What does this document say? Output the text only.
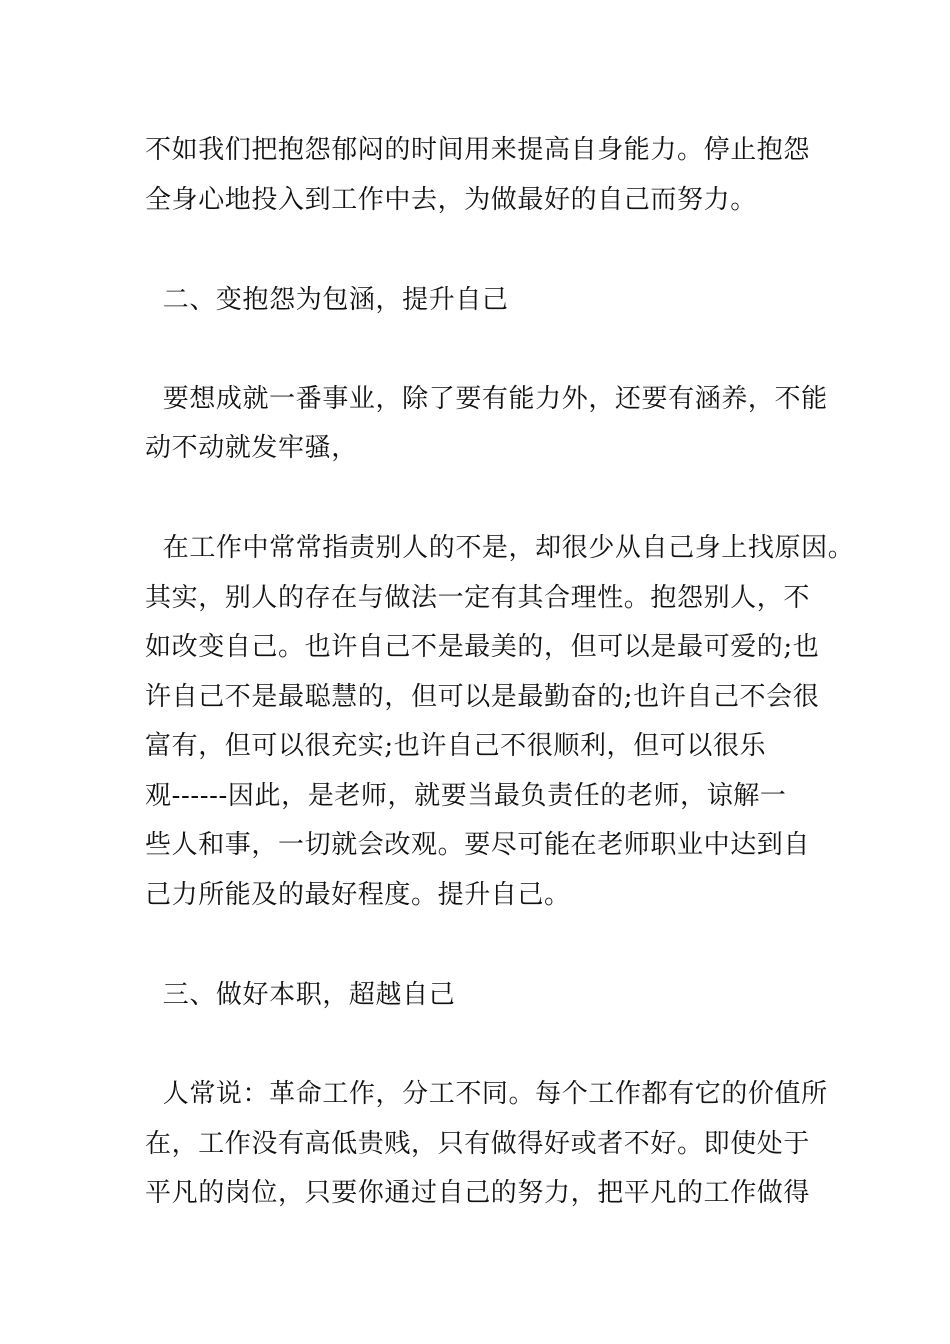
不如我们把抱怨郁闷的时间用来提高自身能力。停止抱怨

全身心地投入到工作中去，为做最好的自己而努力。

二、变抱怨为包涵，提升自己

要想成就一番事业，除了要有能力外，还要有涵养，不能

动不动就发牢骚，

在工作中常常指责别人的不是，却很少从自己身上找原因。

其实，别人的存在与做法一定有其合理性。抱怨别人，不

如改变自己。也许自己不是最美的，但可以是最可爱的;也

许自己不是最聪慧的，但可以是最勤奋的;也许自己不会很

富有，但可以很充实;也许自己不很顺利，但可以很乐

观------因此，是老师，就要当最负责任的老师，谅解一

些人和事，一切就会改观。要尽可能在老师职业中达到自

己力所能及的最好程度。提升自己。

三、做好本职，超越自己

人常说：革命工作，分工不同。每个工作都有它的价值所

在，工作没有高低贵贱，只有做得好或者不好。即使处于

平凡的岗位，只要你通过自己的努力，把平凡的工作做得
